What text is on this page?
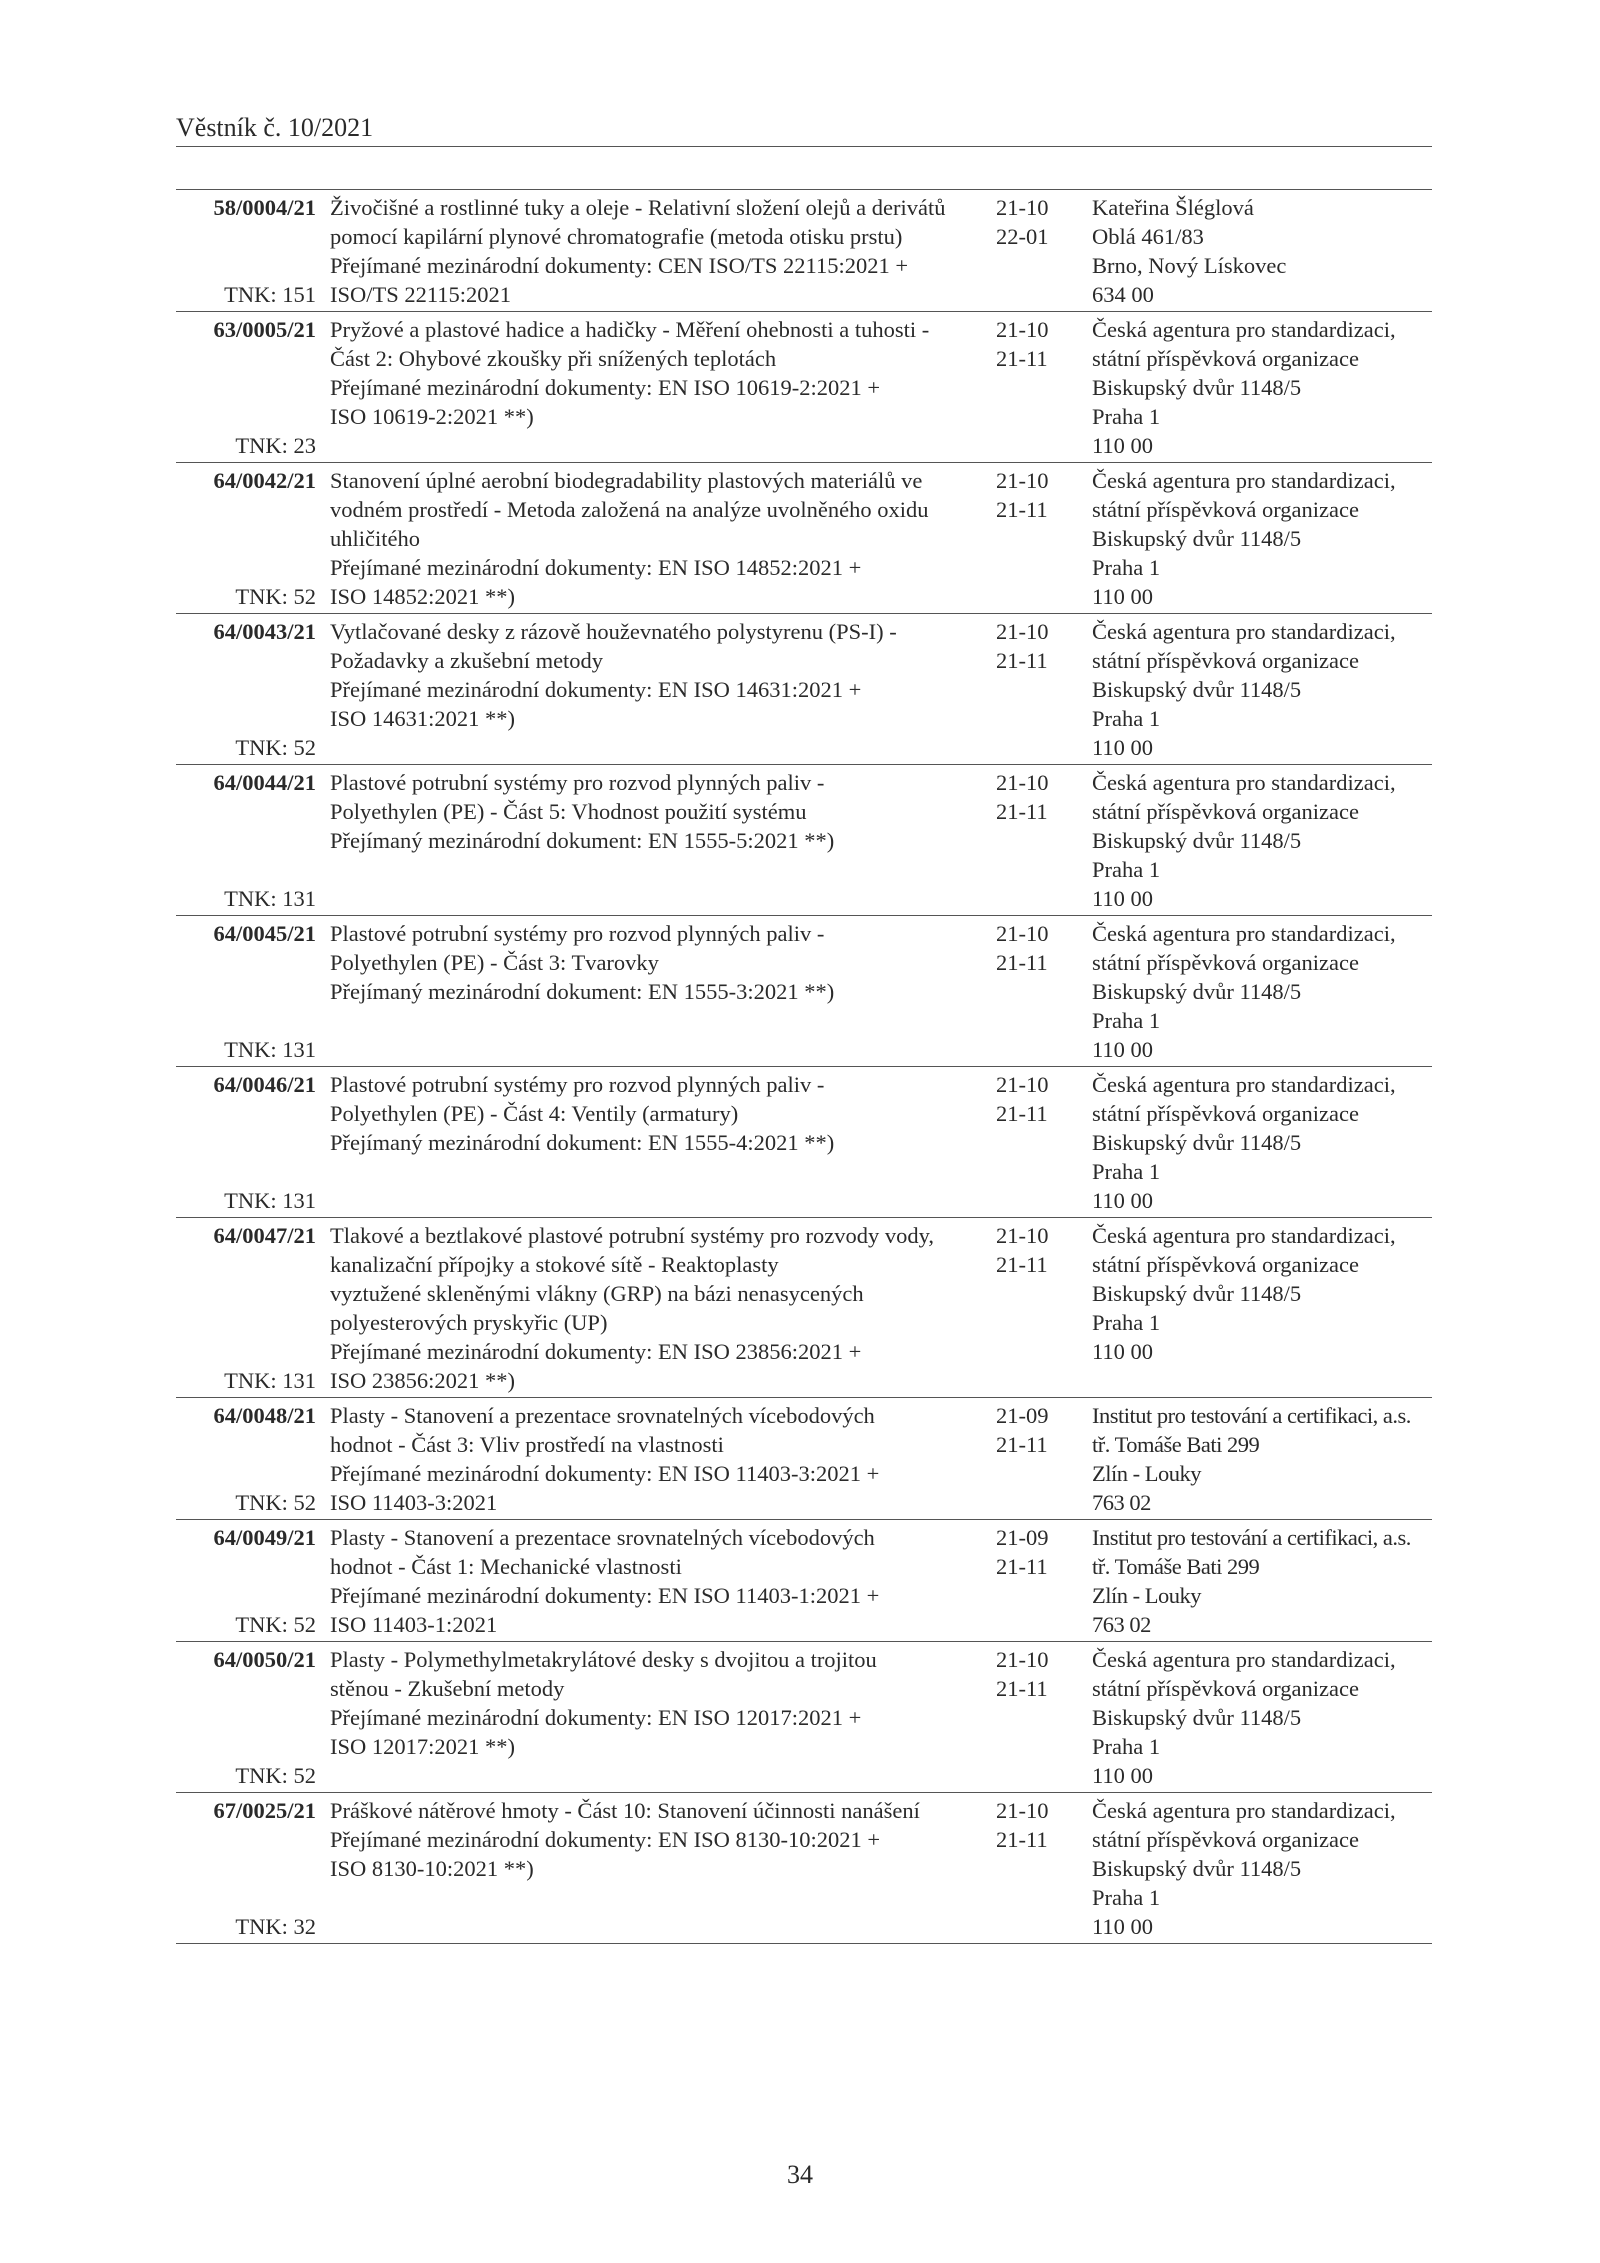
Věstník č. 10/2021
58/0004/21
TNK: 151
Živočišné a rostlinné tuky a oleje - Relativní složení olejů a derivátů
pomocí kapilární plynové chromatografie (metoda otisku prstu)
Přejímané mezinárodní dokumenty: CEN ISO/TS 22115:2021 +
ISO/TS 22115:2021
21-10
22-01
Kateřina Šléglová
Oblá 461/83
Brno, Nový Lískovec
634 00
63/0005/21
TNK: 23
Pryžové a plastové hadice a hadičky - Měření ohebnosti a tuhosti -
Část 2: Ohybové zkoušky při snížených teplotách
Přejímané mezinárodní dokumenty: EN ISO 10619-2:2021 +
ISO 10619-2:2021 **)
21-10
21-11
Česká agentura pro standardizaci,
státní příspěvková organizace
Biskupský dvůr 1148/5
Praha 1
110 00
64/0042/21
TNK: 52
Stanovení úplné aerobní biodegradability plastových materiálů ve
vodném prostředí - Metoda založená na analýze uvolněného oxidu
uhličitého
Přejímané mezinárodní dokumenty: EN ISO 14852:2021 +
ISO 14852:2021 **)
21-10
21-11
Česká agentura pro standardizaci,
státní příspěvková organizace
Biskupský dvůr 1148/5
Praha 1
110 00
64/0043/21
TNK: 52
Vytlačované desky z rázově houževnatého polystyrenu (PS-I) -
Požadavky a zkušební metody
Přejímané mezinárodní dokumenty: EN ISO 14631:2021 +
ISO 14631:2021 **)
21-10
21-11
Česká agentura pro standardizaci,
státní příspěvková organizace
Biskupský dvůr 1148/5
Praha 1
110 00
64/0044/21
TNK: 131
Plastové potrubní systémy pro rozvod plynných paliv -
Polyethylen (PE) - Část 5: Vhodnost použití systému
Přejímaný mezinárodní dokument: EN 1555-5:2021 **)
21-10
21-11
Česká agentura pro standardizaci,
státní příspěvková organizace
Biskupský dvůr 1148/5
Praha 1
110 00
64/0045/21
TNK: 131
Plastové potrubní systémy pro rozvod plynných paliv -
Polyethylen (PE) - Část 3: Tvarovky
Přejímaný mezinárodní dokument: EN 1555-3:2021 **)
21-10
21-11
Česká agentura pro standardizaci,
státní příspěvková organizace
Biskupský dvůr 1148/5
Praha 1
110 00
64/0046/21
TNK: 131
Plastové potrubní systémy pro rozvod plynných paliv -
Polyethylen (PE) - Část 4: Ventily (armatury)
Přejímaný mezinárodní dokument: EN 1555-4:2021 **)
21-10
21-11
Česká agentura pro standardizaci,
státní příspěvková organizace
Biskupský dvůr 1148/5
Praha 1
110 00
64/0047/21
TNK: 131
Tlakové a beztlakové plastové potrubní systémy pro rozvody vody,
kanalizační přípojky a stokové sítě - Reaktoplasty
vyztužené skleněnými vlákny (GRP) na bázi nenasycených
polyesterových pryskyřic (UP)
Přejímané mezinárodní dokumenty: EN ISO 23856:2021 +
ISO 23856:2021 **)
21-10
21-11
Česká agentura pro standardizaci,
státní příspěvková organizace
Biskupský dvůr 1148/5
Praha 1
110 00
64/0048/21
TNK: 52
Plasty - Stanovení a prezentace srovnatelných vícebodových
hodnot - Část 3: Vliv prostředí na vlastnosti
Přejímané mezinárodní dokumenty: EN ISO 11403-3:2021 +
ISO 11403-3:2021
21-09
21-11
Institut pro testování a certifikaci, a.s.
tř. Tomáše Bati 299
Zlín - Louky
763 02
64/0049/21
TNK: 52
Plasty - Stanovení a prezentace srovnatelných vícebodových
hodnot - Část 1: Mechanické vlastnosti
Přejímané mezinárodní dokumenty: EN ISO 11403-1:2021 +
ISO 11403-1:2021
21-09
21-11
Institut pro testování a certifikaci, a.s.
tř. Tomáše Bati 299
Zlín - Louky
763 02
64/0050/21
TNK: 52
Plasty - Polymethylmetakrylátové desky s dvojitou a trojitou
stěnou - Zkušební metody
Přejímané mezinárodní dokumenty: EN ISO 12017:2021 +
ISO 12017:2021 **)
21-10
21-11
Česká agentura pro standardizaci,
státní příspěvková organizace
Biskupský dvůr 1148/5
Praha 1
110 00
67/0025/21
TNK: 32
Práškové nátěrové hmoty - Část 10: Stanovení účinnosti nanášení
Přejímané mezinárodní dokumenty: EN ISO 8130-10:2021 +
ISO 8130-10:2021 **)
21-10
21-11
Česká agentura pro standardizaci,
státní příspěvková organizace
Biskupský dvůr 1148/5
Praha 1
110 00
34
